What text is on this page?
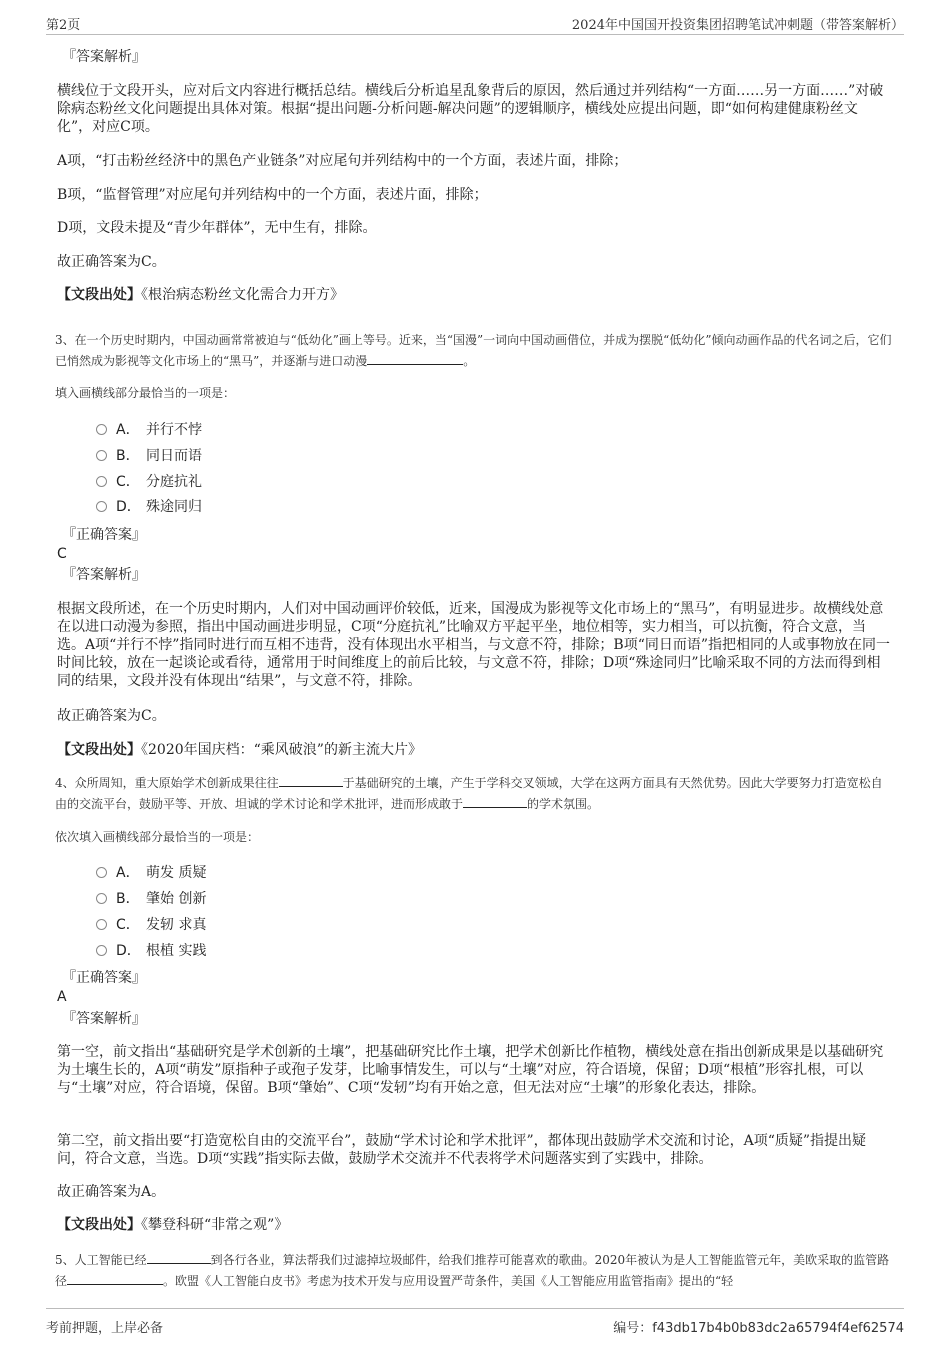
第2页	2024年中国国开投资集团招聘笔试冲刺题（带答案解析）
『答案解析』
横线位于文段开头，应对后文内容进行概括总结。横线后分析追星乱象背后的原因，然后通过并列结构“一方面……另一方面……”对破除病态粉丝文化问题提出具体对策。根据“提出问题-分析问题-解决问题”的逻辑顺序，横线处应提出问题，即“如何构建健康粉丝文化”，对应C项。
A项，“打击粉丝经济中的黑色产业链条”对应尾句并列结构中的一个方面，表述片面，排除；
B项，“监督管理”对应尾句并列结构中的一个方面，表述片面，排除；
D项，文段未提及“青少年群体”，无中生有，排除。
故正确答案为C。
【文段出处】《根治病态粉丝文化需合力开方》
3、在一个历史时期内，中国动画常常被迫与“低幼化”画上等号。近来，当“国漫”一词向中国动画借位，并成为摆脱“低幼化”倾向动画作品的代名词之后，它们已悄然成为影视等文化市场上的“黑马”，并逐渐与进口动漫	。
填入画横线部分最恰当的一项是：
A． 并行不悖
B． 同日而语
C． 分庭抗礼
D． 殊途同归
『正确答案』
C
『答案解析』
根据文段所述，在一个历史时期内，人们对中国动画评价较低，近来，国漫成为影视等文化市场上的“黑马”，有明显进步。故横线处意在以进口动漫为参照，指出中国动画进步明显，C项“分庭抗礼”比喻双方平起平坐，地位相等，实力相当，可以抗衡，符合文意，当选。A项“并行不悖”指同时进行而互相不违背，没有体现出水平相当，与文意不符，排除；B项“同日而语”指把相同的人或事物放在同一时间比较，放在一起谈论或看待，通常用于时间维度上的前后比较，与文意不符，排除；D项“殊途同归”比喻采取不同的方法而得到相同的结果，文段并没有体现出“结果”，与文意不符，排除。
故正确答案为C。
【文段出处】《2020年国庆档：“乘风破浪”的新主流大片》
4、众所周知，重大原始学术创新成果往往	于基础研究的土壤，产生于学科交叉领域，大学在这两方面具有天然优势。因此大学要努力打造宽松自由的交流平台，鼓励平等、开放、坦诚的学术讨论和学术批评，进而形成敢于	的学术氛围。
依次填入画横线部分最恰当的一项是：
A． 萌发 质疑
B． 肇始 创新
C． 发轫 求真
D． 根植 实践
『正确答案』
A
『答案解析』
第一空，前文指出“基础研究是学术创新的土壤”，把基础研究比作土壤，把学术创新比作植物，横线处意在指出创新成果是以基础研究为土壤生长的，A项“萌发”原指种子或孢子发芽，比喻事情发生，可以与“土壤”对应，符合语境，保留；D项“根植”形容扎根，可以与“土壤”对应，符合语境，保留。B项“肇始”、C项“发轫”均有开始之意，但无法对应“土壤”的形象化表达，排除。
第二空，前文指出要“打造宽松自由的交流平台”，鼓励“学术讨论和学术批评”，都体现出鼓励学术交流和讨论，A项“质疑”指提出疑问，符合文意，当选。D项“实践”指实际去做，鼓励学术交流并不代表将学术问题落实到了实践中，排除。
故正确答案为A。
【文段出处】《攀登科研“非常之观”》
5、人工智能已经	到各行各业，算法帮我们过滤掉垃圾邮件，给我们推荐可能喜欢的歌曲。2020年被认为是人工智能监管元年，美欧采取的监管路径	。欧盟《人工智能白皮书》考虑为技术开发与应用设置严苛条件，美国《人工智能应用监管指南》提出的“轻
考前押题，上岸必备	编号：f43db17b4b0b83dc2a65794f4ef62574
